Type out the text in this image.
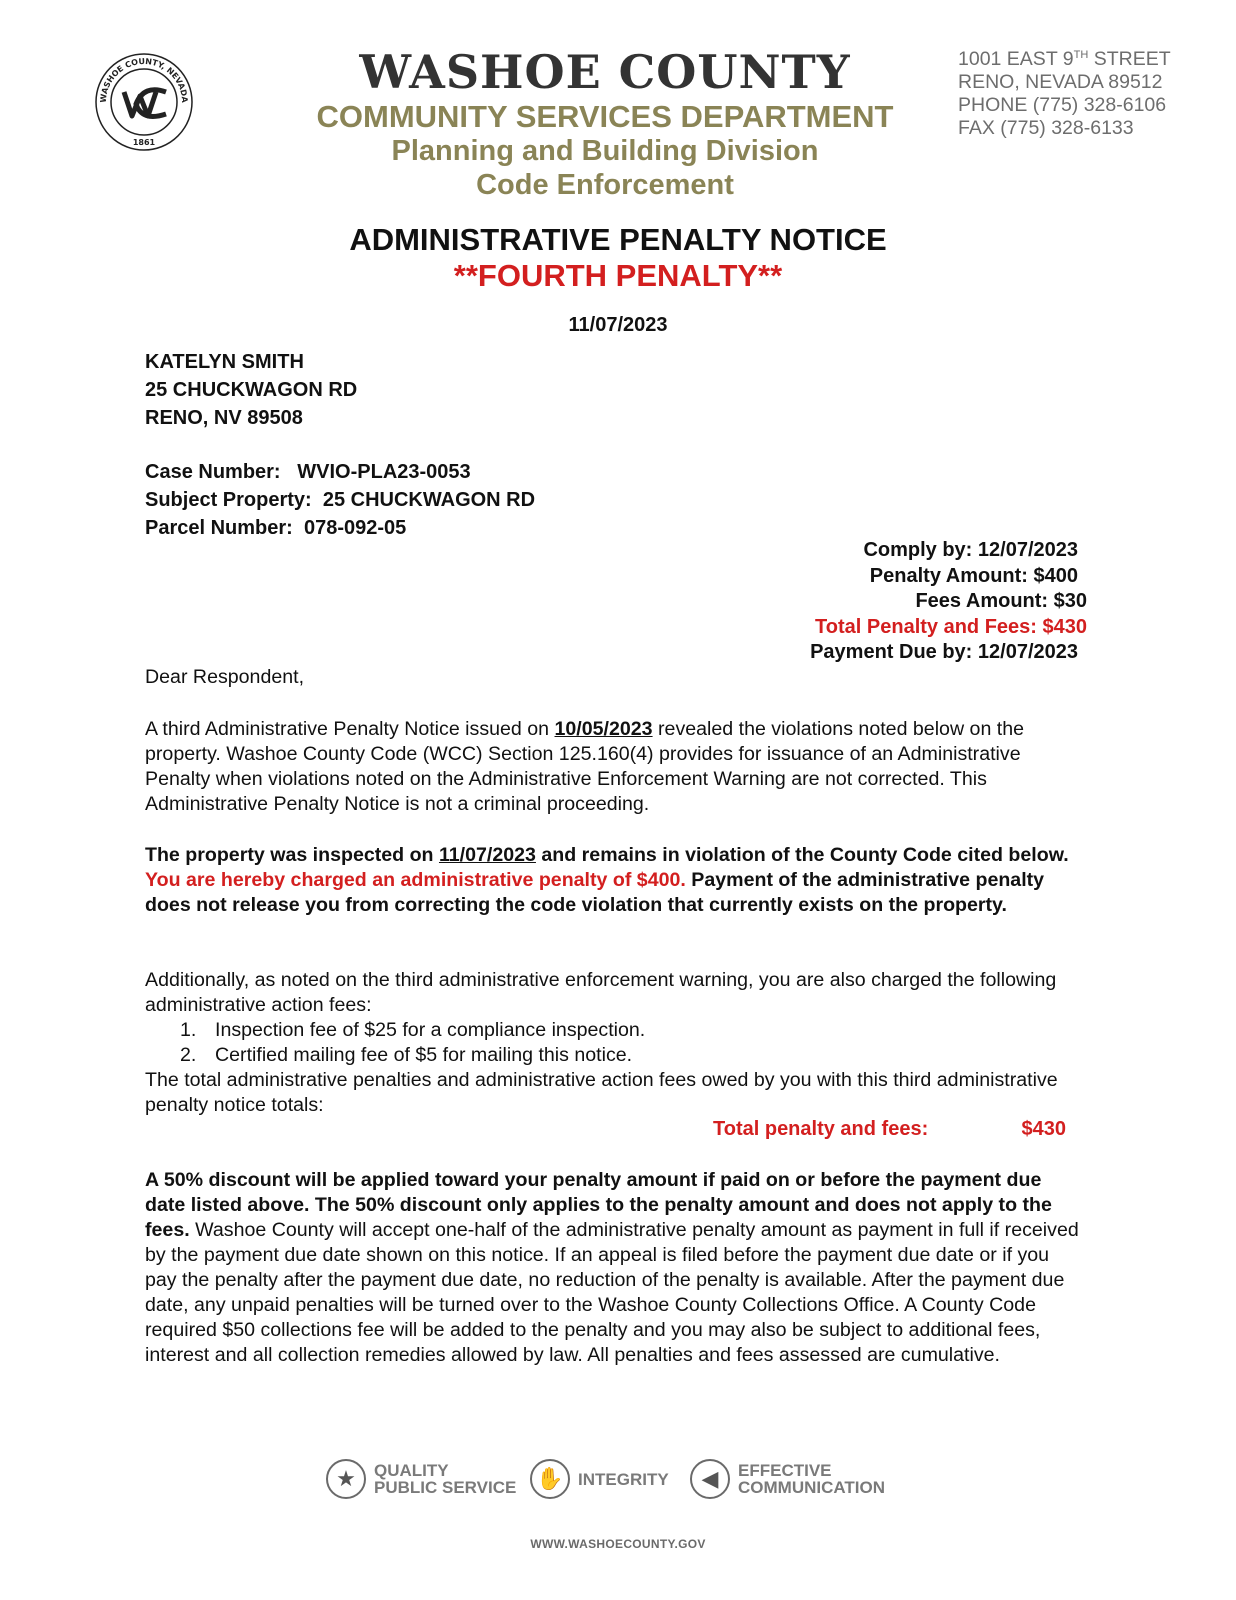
WASHOE COUNTY, NEVADA
1861
WASHOE COUNTY
COMMUNITY SERVICES DEPARTMENT
Planning and Building Division
Code Enforcement
1001 EAST 9TH STREET
RENO, NEVADA 89512
PHONE (775) 328-6106
FAX (775) 328-6133
ADMINISTRATIVE PENALTY NOTICE
**FOURTH PENALTY**
11/07/2023
KATELYN SMITH
25 CHUCKWAGON RD
RENO, NV 89508
Case Number: WVIO-PLA23-0053
Subject Property: 25 CHUCKWAGON RD
Parcel Number: 078-092-05
Comply by: 12/07/2023
Penalty Amount: $400
Fees Amount: $30
Total Penalty and Fees: $430
Payment Due by: 12/07/2023
Dear Respondent,
A third Administrative Penalty Notice issued on 10/05/2023 revealed the violations noted below on the property. Washoe County Code (WCC) Section 125.160(4) provides for issuance of an Administrative Penalty when violations noted on the Administrative Enforcement Warning are not corrected. This Administrative Penalty Notice is not a criminal proceeding.
The property was inspected on 11/07/2023 and remains in violation of the County Code cited below. You are hereby charged an administrative penalty of $400. Payment of the administrative penalty does not release you from correcting the code violation that currently exists on the property.
Additionally, as noted on the third administrative enforcement warning, you are also charged the following administrative action fees:
1. Inspection fee of $25 for a compliance inspection.
2. Certified mailing fee of $5 for mailing this notice.
The total administrative penalties and administrative action fees owed by you with this third administrative penalty notice totals:
Total penalty and fees:	$430
A 50% discount will be applied toward your penalty amount if paid on or before the payment due date listed above. The 50% discount only applies to the penalty amount and does not apply to the fees. Washoe County will accept one-half of the administrative penalty amount as payment in full if received by the payment due date shown on this notice. If an appeal is filed before the payment due date or if you pay the penalty after the payment due date, no reduction of the penalty is available. After the payment due date, any unpaid penalties will be turned over to the Washoe County Collections Office. A County Code required $50 collections fee will be added to the penalty and you may also be subject to additional fees, interest and all collection remedies allowed by law. All penalties and fees assessed are cumulative.
★	QUALITY
PUBLIC SERVICE ✋ INTEGRITY	◀	EFFECTIVE
COMMUNICATION
WWW.WASHOECOUNTY.GOV
